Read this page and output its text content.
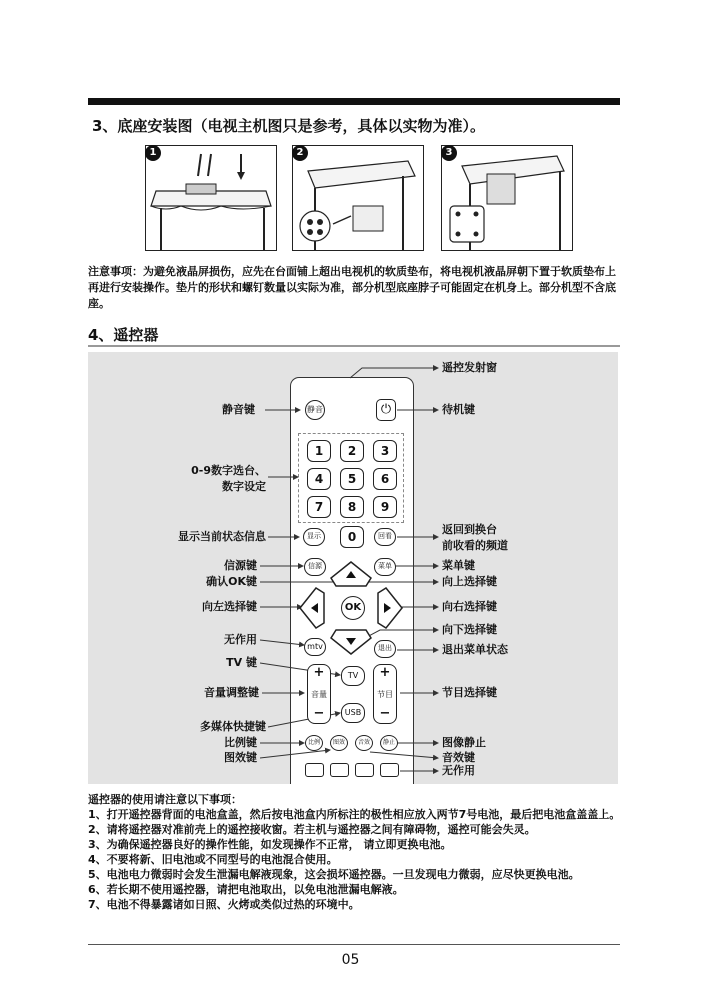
3、底座安装图（电视主机图只是参考，具体以实物为准）。
1	2	3
注意事项：为避免液晶屏损伤，应先在台面铺上超出电视机的软质垫布，将电视机液晶屏朝下置于软质垫布上再进行安装操作。垫片的形状和螺钉数量以实际为准，部分机型底座脖子可能固定在机身上。部分机型不含底座。
4、遥控器
静音	⏻
1	2	3
4	5	6
7	8	9
显示	0	回看
信源	菜单
OK
mtv	退出
TV
+
音量
−
+
节目
−
USB
比例	图效	音效	静止
静音键
0-9数字选台、
数字设定
显示当前状态信息
信源键
确认OK键
向左选择键
无作用
TV 键
音量调整键
多媒体快捷键
比例键
图效键
遥控发射窗
待机键
返回到换台
前收看的频道
菜单键
向上选择键
向右选择键
向下选择键
退出菜单状态
节目选择键
图像静止
音效键
无作用
遥控器的使用请注意以下事项：
1、打开遥控器背面的电池盒盖，然后按电池盒内所标注的极性相应放入两节7号电池，最后把电池盒盖盖上。
2、请将遥控器对准前壳上的遥控接收窗。若主机与遥控器之间有障碍物，遥控可能会失灵。
3、为确保遥控器良好的操作性能，如发现操作不正常， 请立即更换电池。
4、不要将新、旧电池或不同型号的电池混合使用。
5、电池电力微弱时会发生泄漏电解液现象，这会损坏遥控器。一旦发现电力微弱，应尽快更换电池。
6、若长期不使用遥控器，请把电池取出，以免电池泄漏电解液。
7、电池不得暴露诸如日照、火烤或类似过热的环境中。
05
